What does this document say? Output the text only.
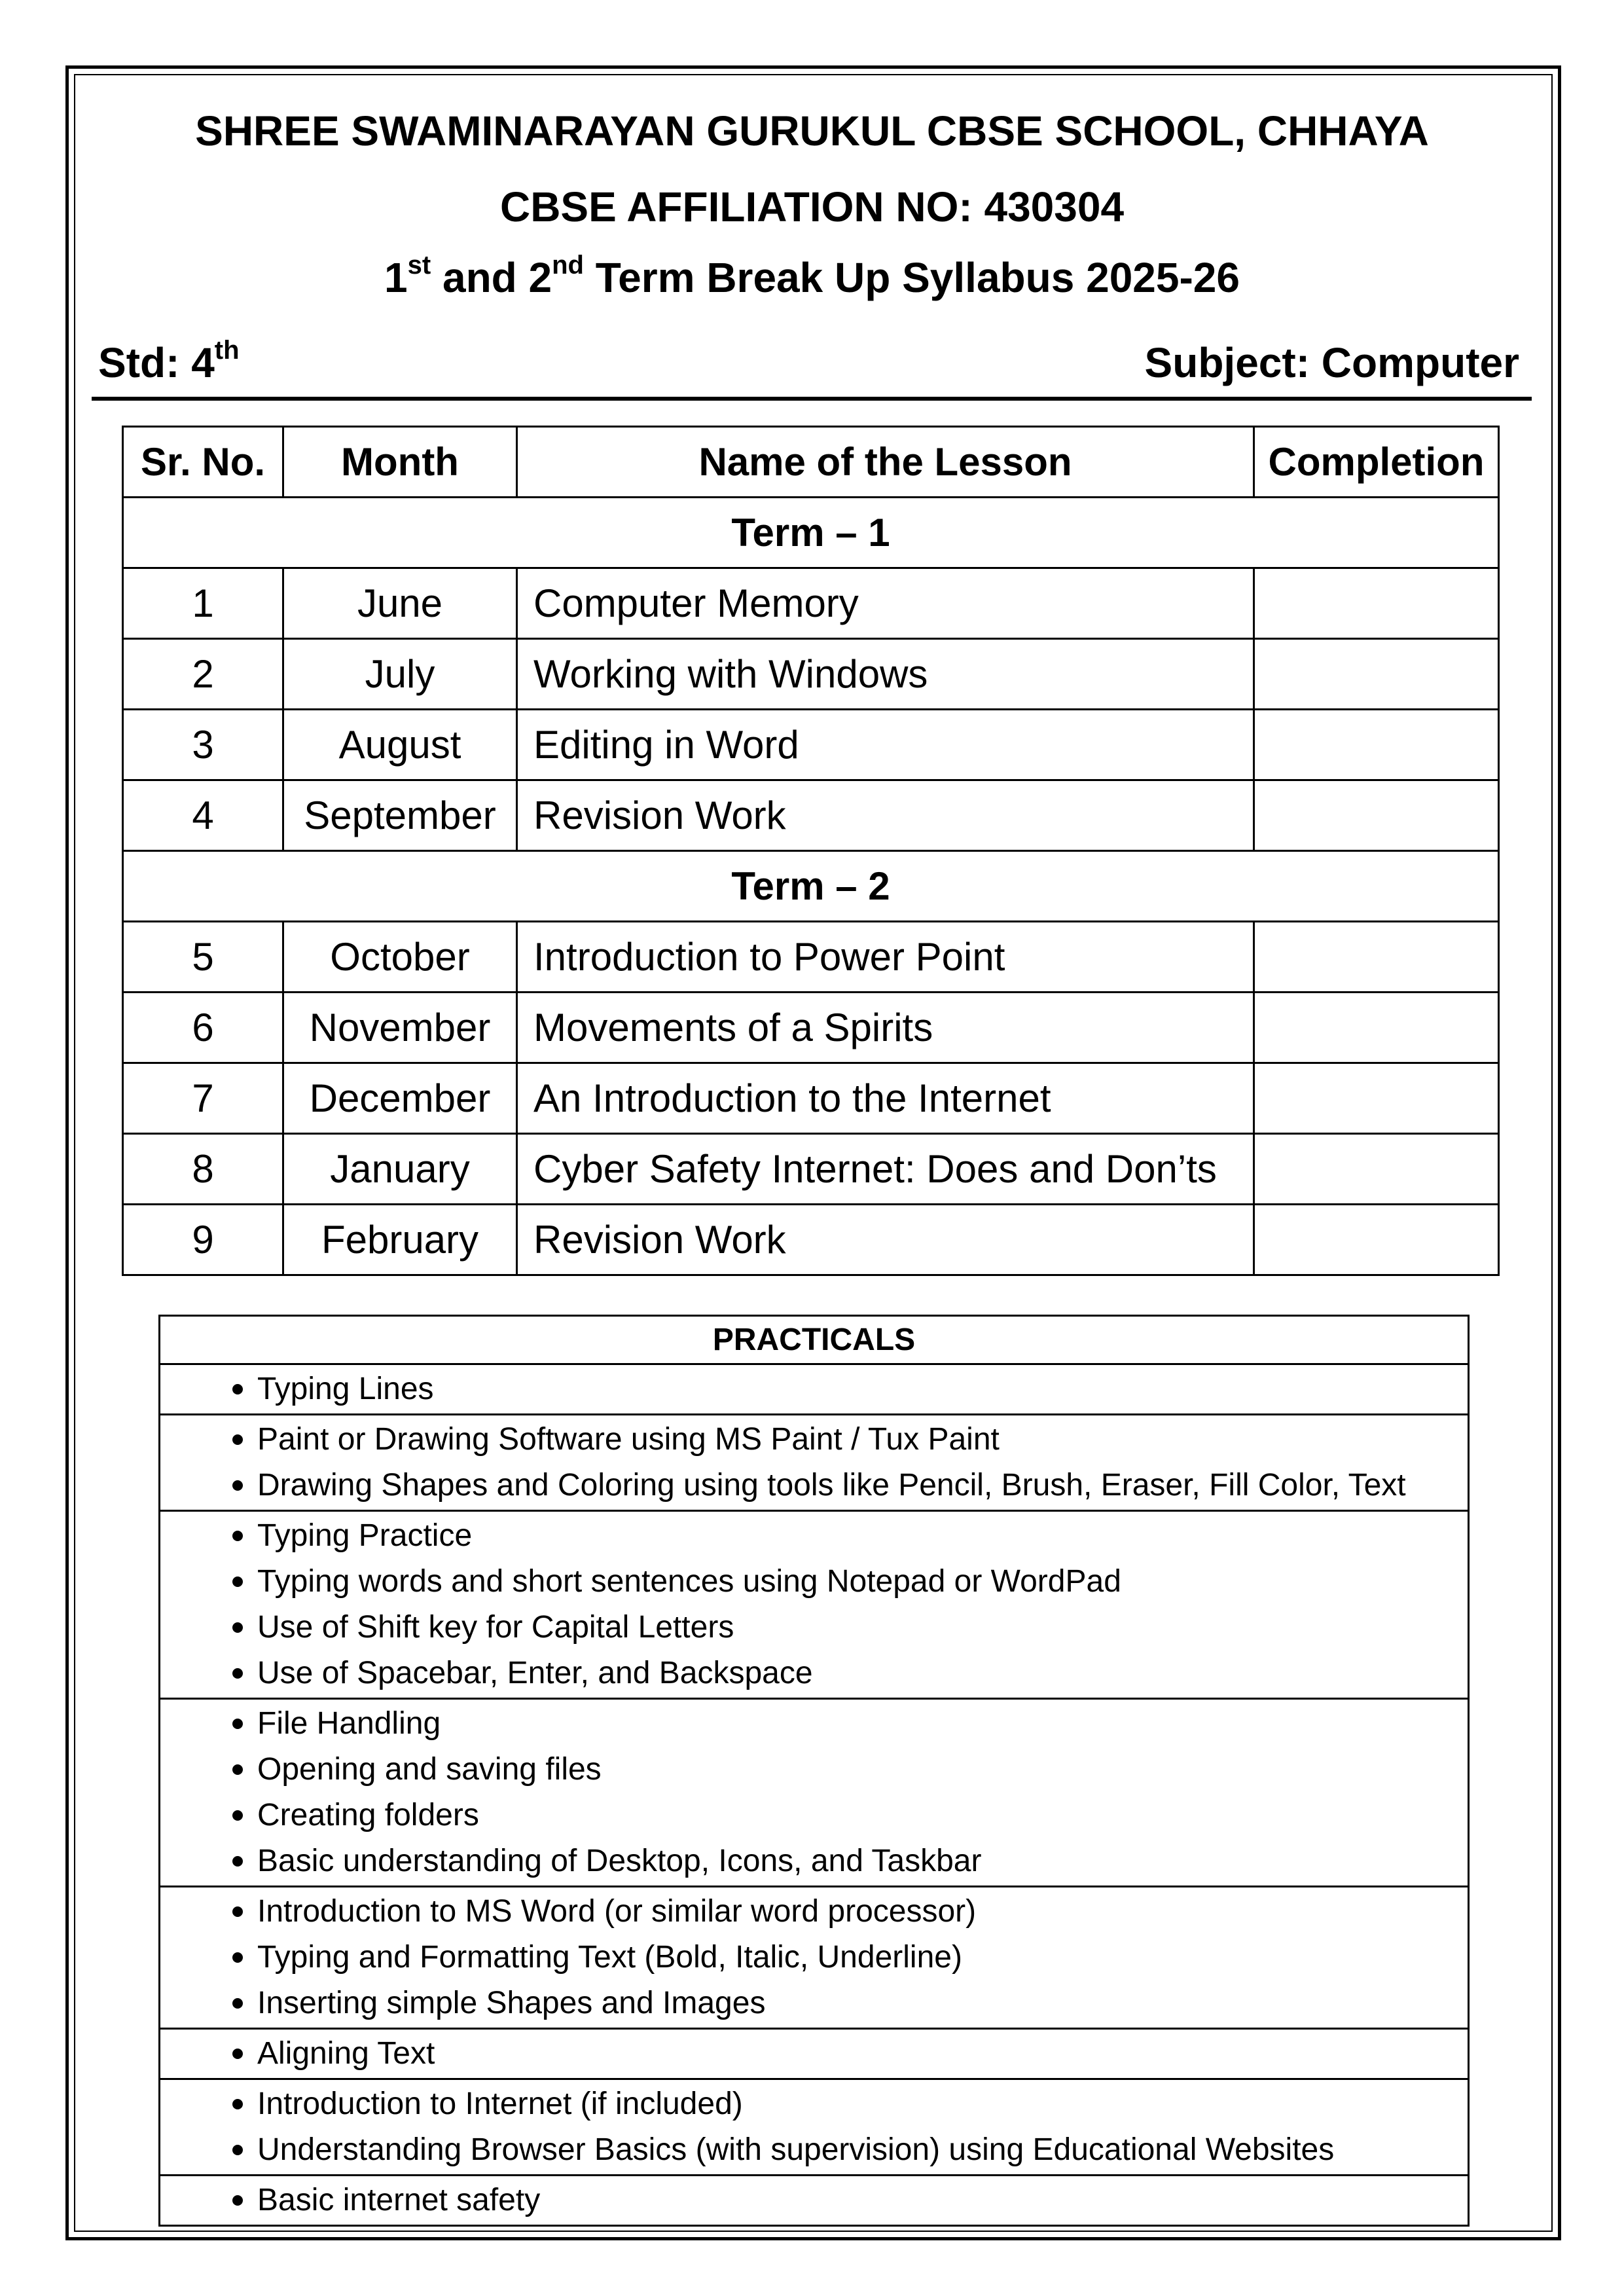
SHREE SWAMINARAYAN GURUKUL CBSE SCHOOL, CHHAYA
CBSE AFFILIATION NO: 430304
1st and 2nd Term Break Up Syllabus 2025-26
Std: 4th	Subject: Computer
Sr. No.	Month	Name of the Lesson	Completion
Term – 1			
1	June	Computer Memory	
2	July	Working with Windows	
3	August	Editing in Word	
4	September	Revision Work	
Term – 2			
5	October	Introduction to Power Point	
6	November	Movements of a Spirits	
7	December	An Introduction to the Internet	
8	January	Cyber Safety Internet: Does and Don’ts	
9	February	Revision Work	
PRACTICALS

Typing Lines

Paint or Drawing Software using MS Paint / Tux Paint
Drawing Shapes and Coloring using tools like Pencil, Brush, Eraser, Fill Color, Text

Typing Practice
Typing words and short sentences using Notepad or WordPad
Use of Shift key for Capital Letters
Use of Spacebar, Enter, and Backspace

File Handling
Opening and saving files
Creating folders
Basic understanding of Desktop, Icons, and Taskbar

Introduction to MS Word (or similar word processor)
Typing and Formatting Text (Bold, Italic, Underline)
Inserting simple Shapes and Images

Aligning Text

Introduction to Internet (if included)
Understanding Browser Basics (with supervision) using Educational Websites

Basic internet safety
